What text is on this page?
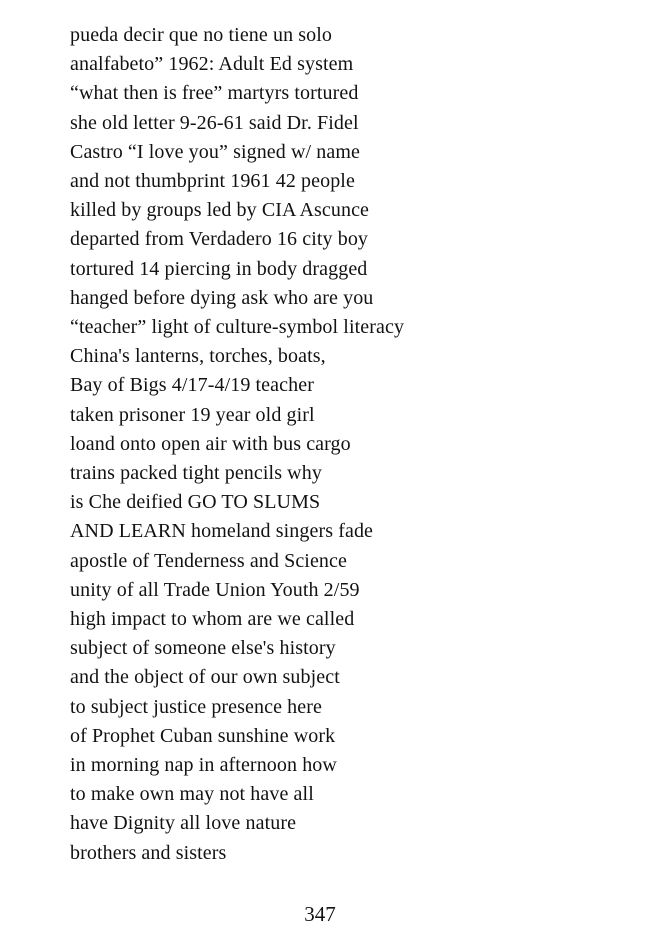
pueda decir que no tiene un solo
analfabeto” 1962: Adult Ed system
“what then is free” martyrs tortured
she old letter 9-26-61 said Dr. Fidel
Castro “I love you” signed w/ name
and not thumbprint 1961 42 people
killed by groups led by CIA Ascunce
departed from Verdadero 16 city boy
tortured 14 piercing in body dragged
hanged before dying ask who are you
“teacher” light of culture-symbol literacy
China's lanterns, torches, boats,
Bay of Bigs 4/17-4/19 teacher
taken prisoner 19 year old girl
loand onto open air with bus cargo
trains packed tight pencils why
is Che deified GO TO SLUMS
AND LEARN homeland singers fade
apostle of Tenderness and Science
unity of all Trade Union Youth 2/59
high impact to whom are we called
subject of someone else's history
and the object of our own subject
to subject justice presence here
of Prophet Cuban sunshine work
in morning nap in afternoon how
to make own may not have all
have Dignity all love nature
brothers and sisters
347
